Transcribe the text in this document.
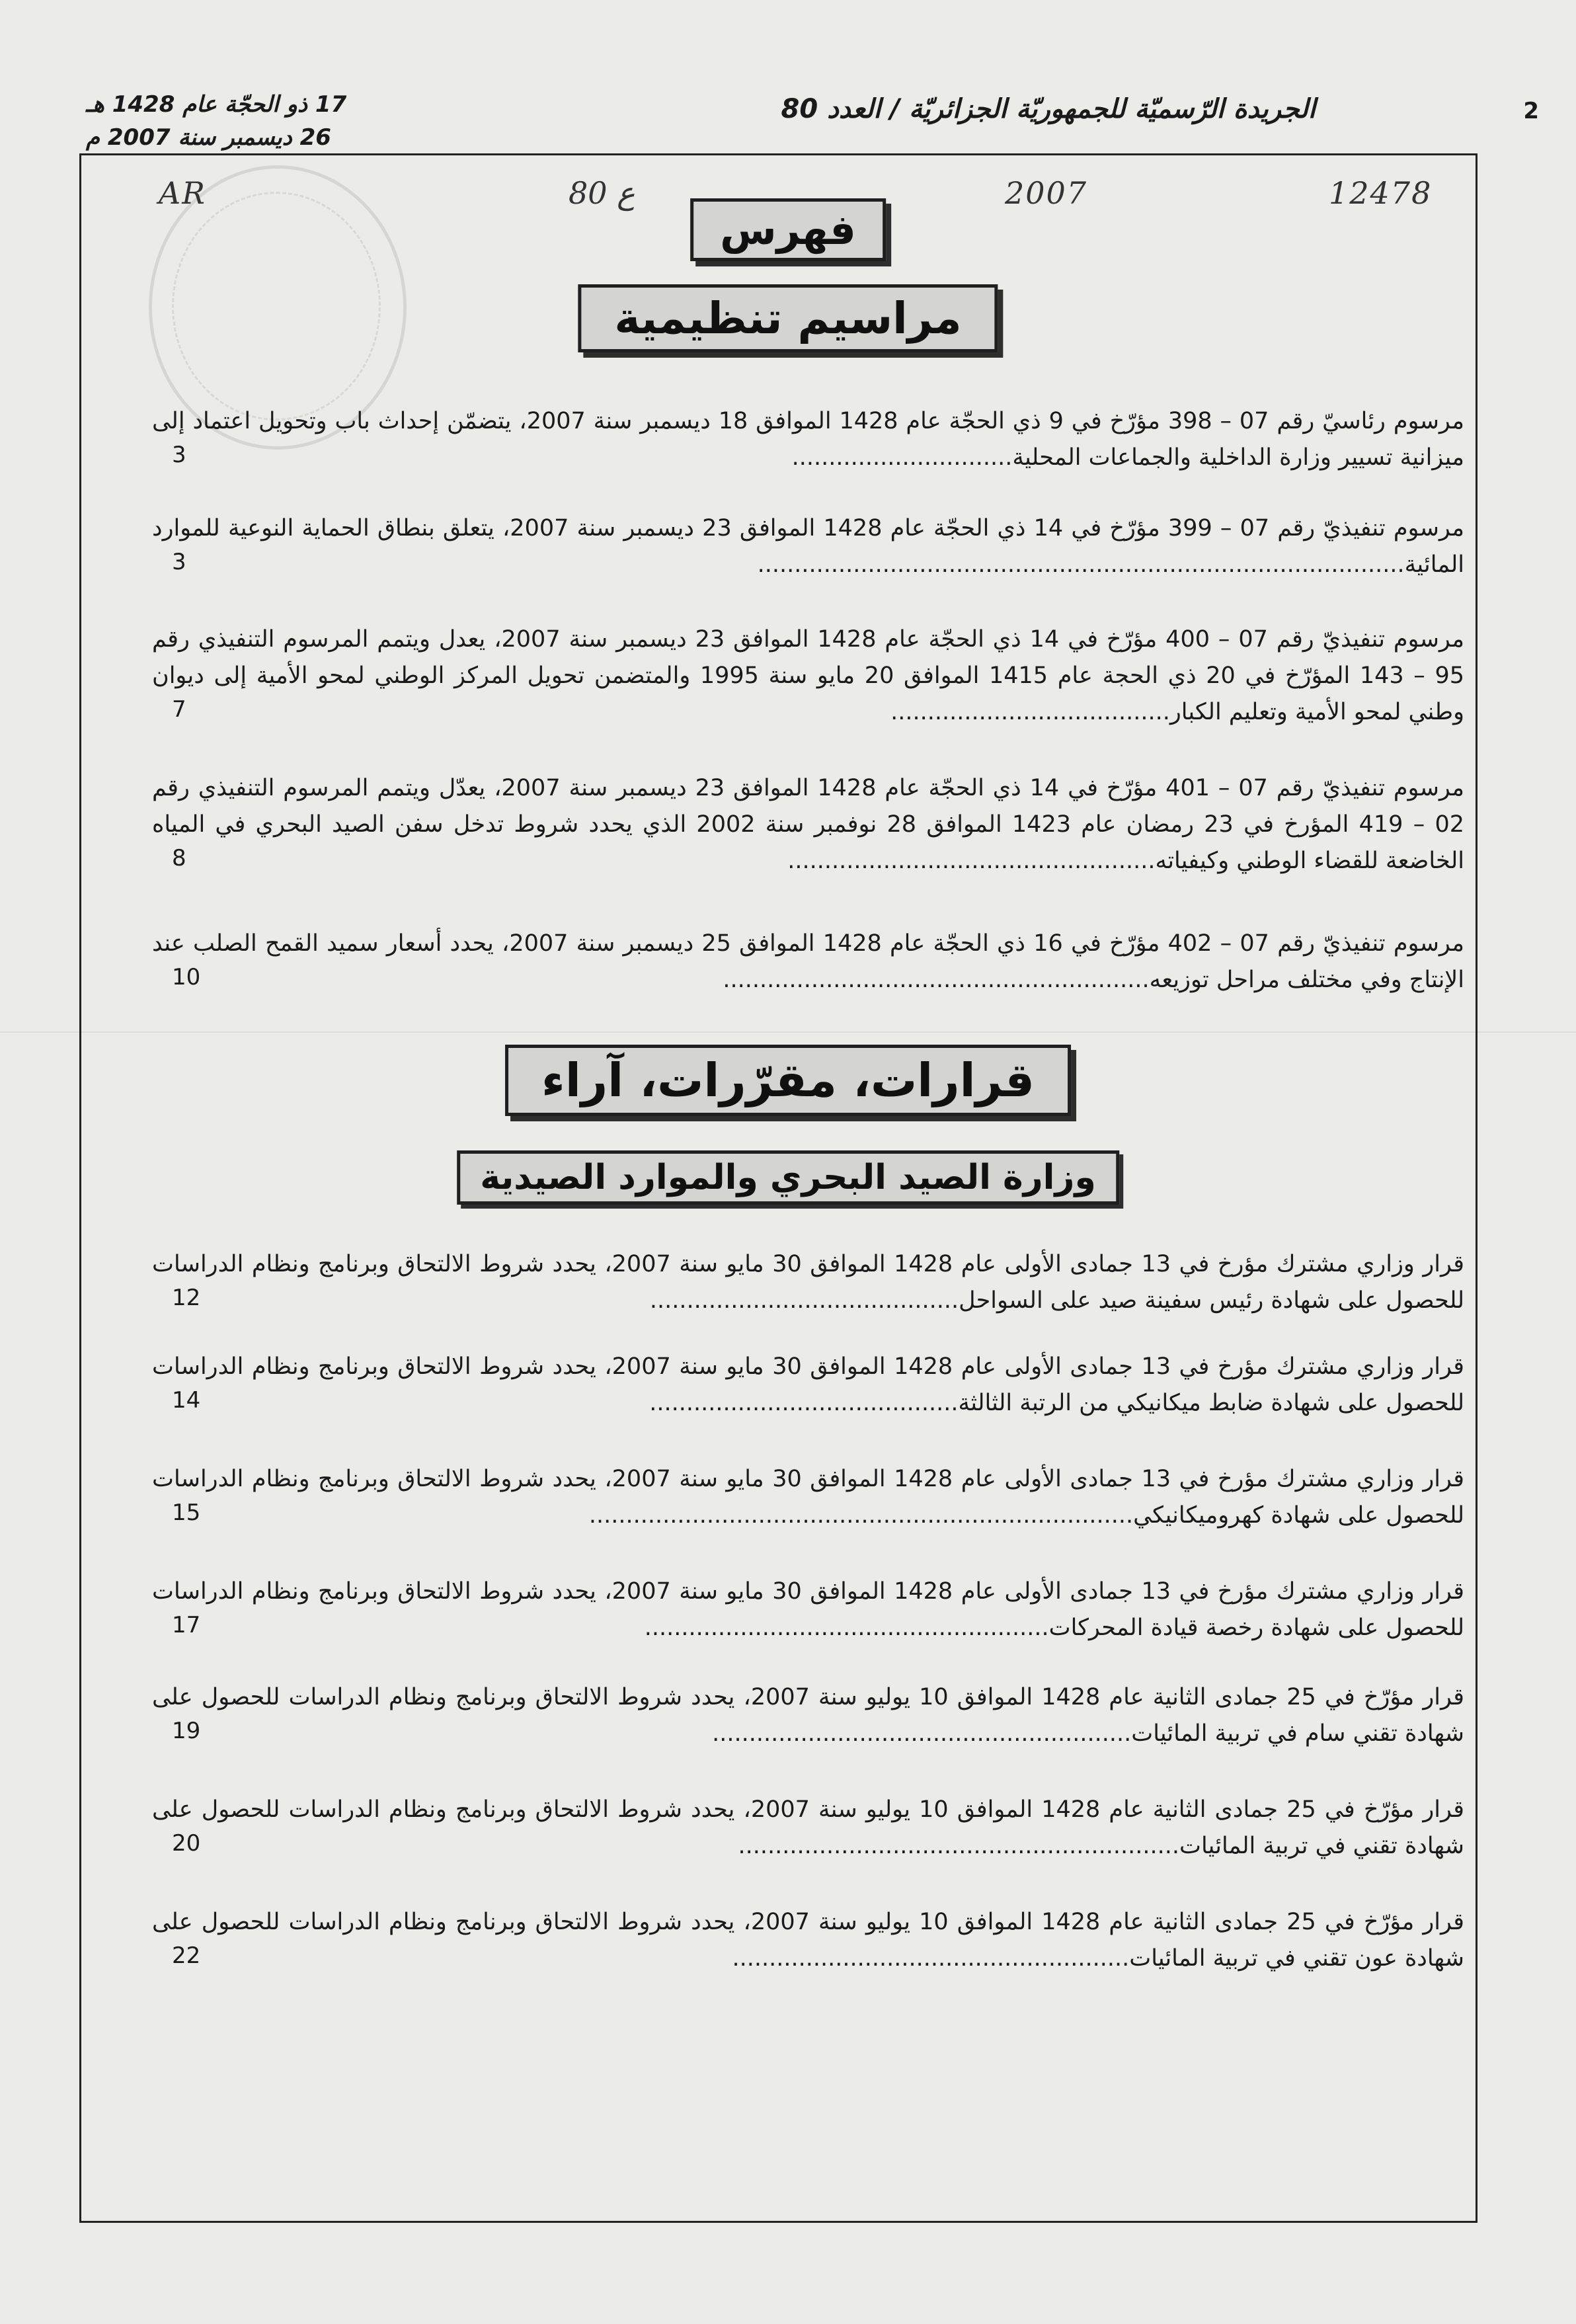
2
الجريدة الرّسميّة للجمهوريّة الجزائريّة / العدد 80
17 ذو الحجّة عام 1428 هـ
26 ديسمبر سنة 2007 م
AR	ع 80	2007	12478
فهرس
مراسيم تنظيمية
مرسوم رئاسيّ رقم 07 – 398 مؤرّخ في 9 ذي الحجّة عام 1428 الموافق 18 ديسمبر سنة 2007، يتضمّن إحداث باب وتحويل اعتماد إلى ميزانية تسيير وزارة الداخلية والجماعات المحلية..............................
3
مرسوم تنفيذيّ رقم 07 – 399 مؤرّخ في 14 ذي الحجّة عام 1428 الموافق 23 ديسمبر سنة 2007، يتعلق بنطاق الحماية النوعية للموارد المائية........................................................................................
3
مرسوم تنفيذيّ رقم 07 – 400 مؤرّخ في 14 ذي الحجّة عام 1428 الموافق 23 ديسمبر سنة 2007، يعدل ويتمم المرسوم التنفيذي رقم 95 – 143 المؤرّخ في 20 ذي الحجة عام 1415 الموافق 20 مايو سنة 1995 والمتضمن تحويل المركز الوطني لمحو الأمية إلى ديوان وطني لمحو الأمية وتعليم الكبار......................................
7
مرسوم تنفيذيّ رقم 07 – 401 مؤرّخ في 14 ذي الحجّة عام 1428 الموافق 23 ديسمبر سنة 2007، يعدّل ويتمم المرسوم التنفيذي رقم 02 – 419 المؤرخ في 23 رمضان عام 1423 الموافق 28 نوفمبر سنة 2002 الذي يحدد شروط تدخل سفن الصيد البحري في المياه الخاضعة للقضاء الوطني وكيفياته..................................................
8
مرسوم تنفيذيّ رقم 07 – 402 مؤرّخ في 16 ذي الحجّة عام 1428 الموافق 25 ديسمبر سنة 2007، يحدد أسعار سميد القمح الصلب عند الإنتاج وفي مختلف مراحل توزيعه..........................................................
10
قرارات، مقرّرات، آراء
وزارة الصيد البحري والموارد الصيدية
قرار وزاري مشترك مؤرخ في 13 جمادى الأولى عام 1428 الموافق 30 مايو سنة 2007، يحدد شروط الالتحاق وبرنامج ونظام الدراسات للحصول على شهادة رئيس سفينة صيد على السواحل..........................................
12
قرار وزاري مشترك مؤرخ في 13 جمادى الأولى عام 1428 الموافق 30 مايو سنة 2007، يحدد شروط الالتحاق وبرنامج ونظام الدراسات للحصول على شهادة ضابط ميكانيكي من الرتبة الثالثة..........................................
14
قرار وزاري مشترك مؤرخ في 13 جمادى الأولى عام 1428 الموافق 30 مايو سنة 2007، يحدد شروط الالتحاق وبرنامج ونظام الدراسات للحصول على شهادة كهروميكانيكي..........................................................................
15
قرار وزاري مشترك مؤرخ في 13 جمادى الأولى عام 1428 الموافق 30 مايو سنة 2007، يحدد شروط الالتحاق وبرنامج ونظام الدراسات للحصول على شهادة رخصة قيادة المحركات.......................................................
17
قرار مؤرّخ في 25 جمادى الثانية عام 1428 الموافق 10 يوليو سنة 2007، يحدد شروط الالتحاق وبرنامج ونظام الدراسات للحصول على شهادة تقني سام في تربية المائيات.........................................................
19
قرار مؤرّخ في 25 جمادى الثانية عام 1428 الموافق 10 يوليو سنة 2007، يحدد شروط الالتحاق وبرنامج ونظام الدراسات للحصول على شهادة تقني في تربية المائيات............................................................
20
قرار مؤرّخ في 25 جمادى الثانية عام 1428 الموافق 10 يوليو سنة 2007، يحدد شروط الالتحاق وبرنامج ونظام الدراسات للحصول على شهادة عون تقني في تربية المائيات......................................................
22
